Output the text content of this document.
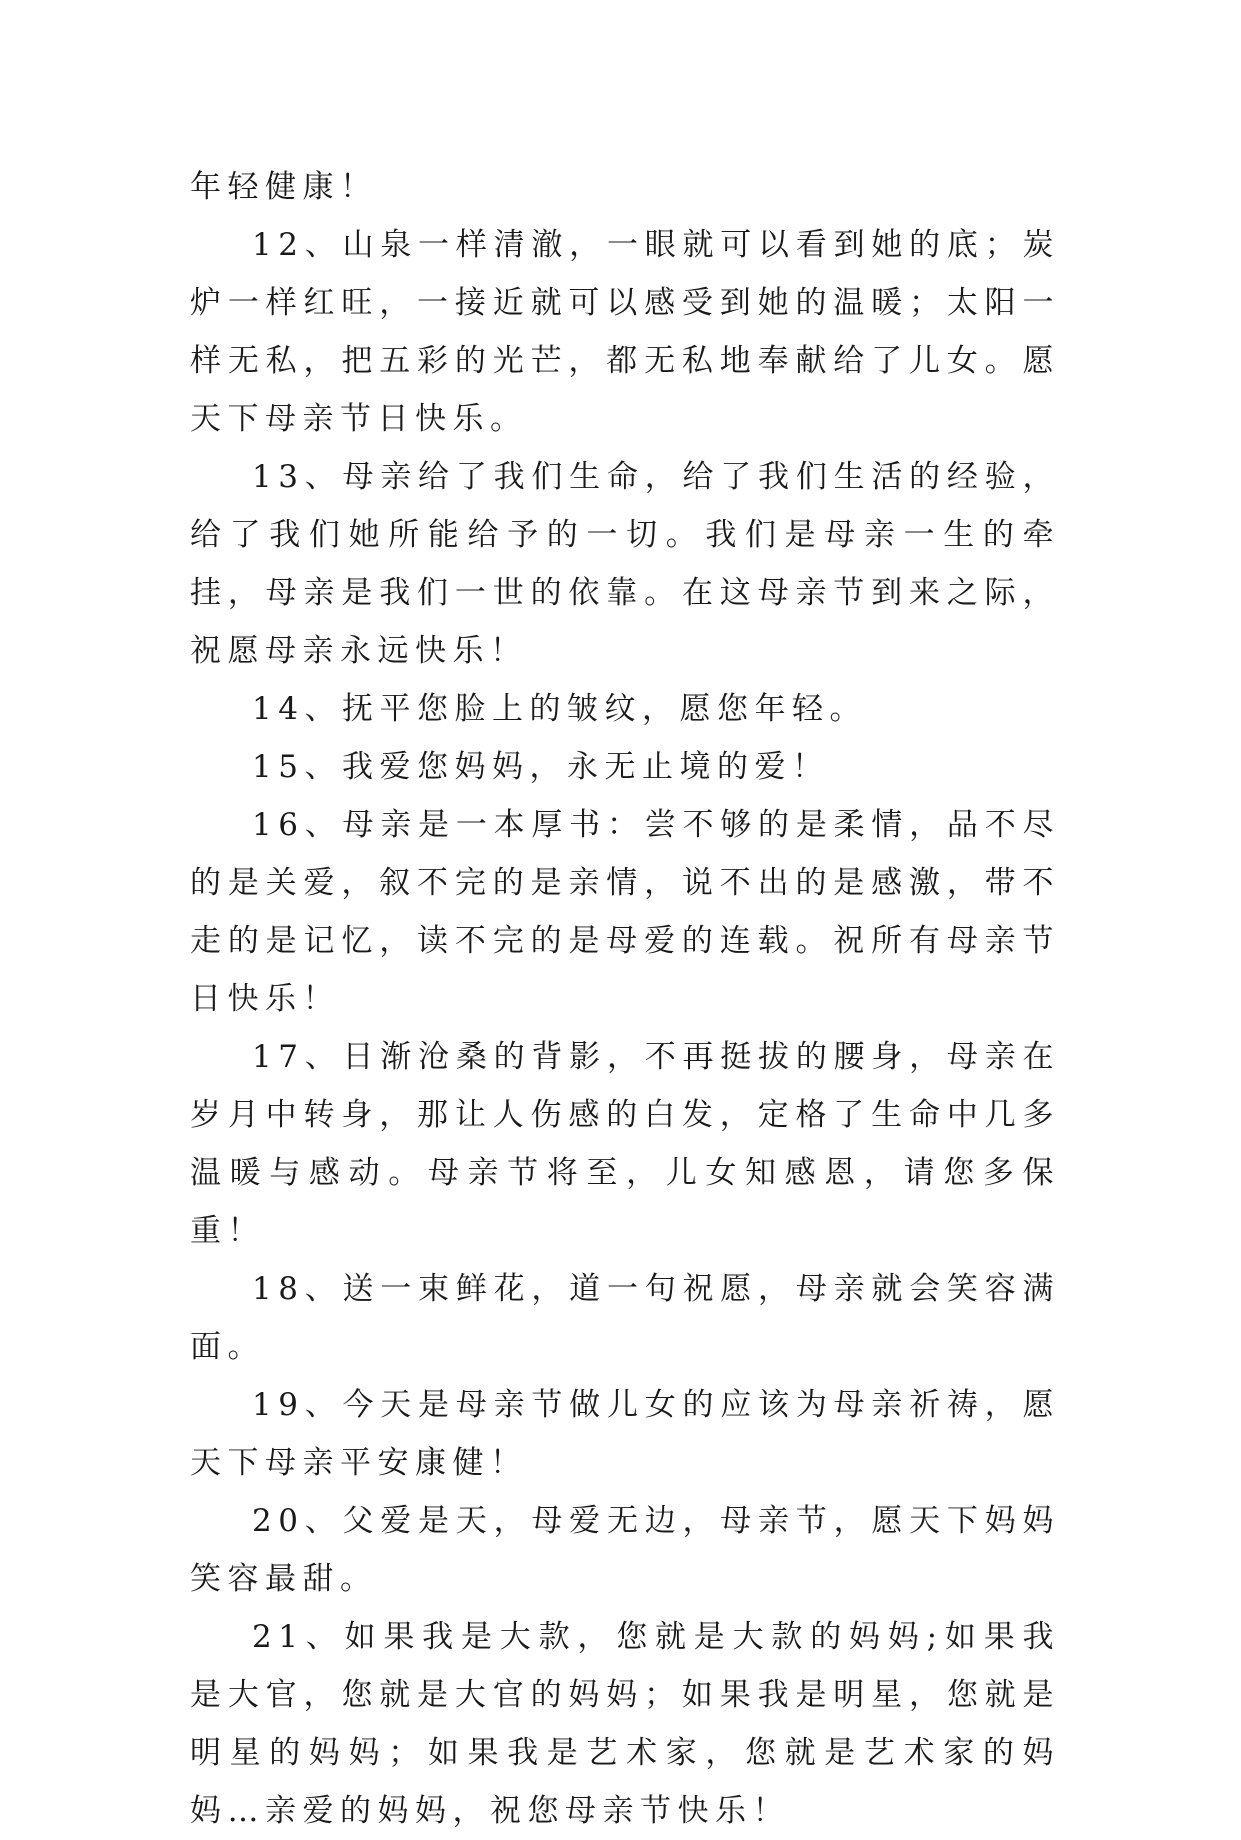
年轻健康！

12、山泉一样清澈，一眼就可以看到她的底；炭炉一样红旺，一接近就可以感受到她的温暖；太阳一样无私，把五彩的光芒，都无私地奉献给了儿女。愿天下母亲节日快乐。

13、母亲给了我们生命，给了我们生活的经验，给了我们她所能给予的一切。我们是母亲一生的牵挂，母亲是我们一世的依靠。在这母亲节到来之际，祝愿母亲永远快乐！

14、抚平您脸上的皱纹，愿您年轻。

15、我爱您妈妈，永无止境的爱！

16、母亲是一本厚书：尝不够的是柔情，品不尽的是关爱，叙不完的是亲情，说不出的是感激，带不走的是记忆，读不完的是母爱的连载。祝所有母亲节日快乐！

17、日渐沧桑的背影，不再挺拔的腰身，母亲在岁月中转身，那让人伤感的白发，定格了生命中几多温暖与感动。母亲节将至，儿女知感恩，请您多保重！

18、送一束鲜花，道一句祝愿，母亲就会笑容满面。

19、今天是母亲节做儿女的应该为母亲祈祷，愿天下母亲平安康健！

20、父爱是天，母爱无边，母亲节，愿天下妈妈笑容最甜。

21、如果我是大款，您就是大款的妈妈;如果我是大官，您就是大官的妈妈；如果我是明星，您就是明星的妈妈；如果我是艺术家，您就是艺术家的妈妈…亲爱的妈妈，祝您母亲节快乐！
